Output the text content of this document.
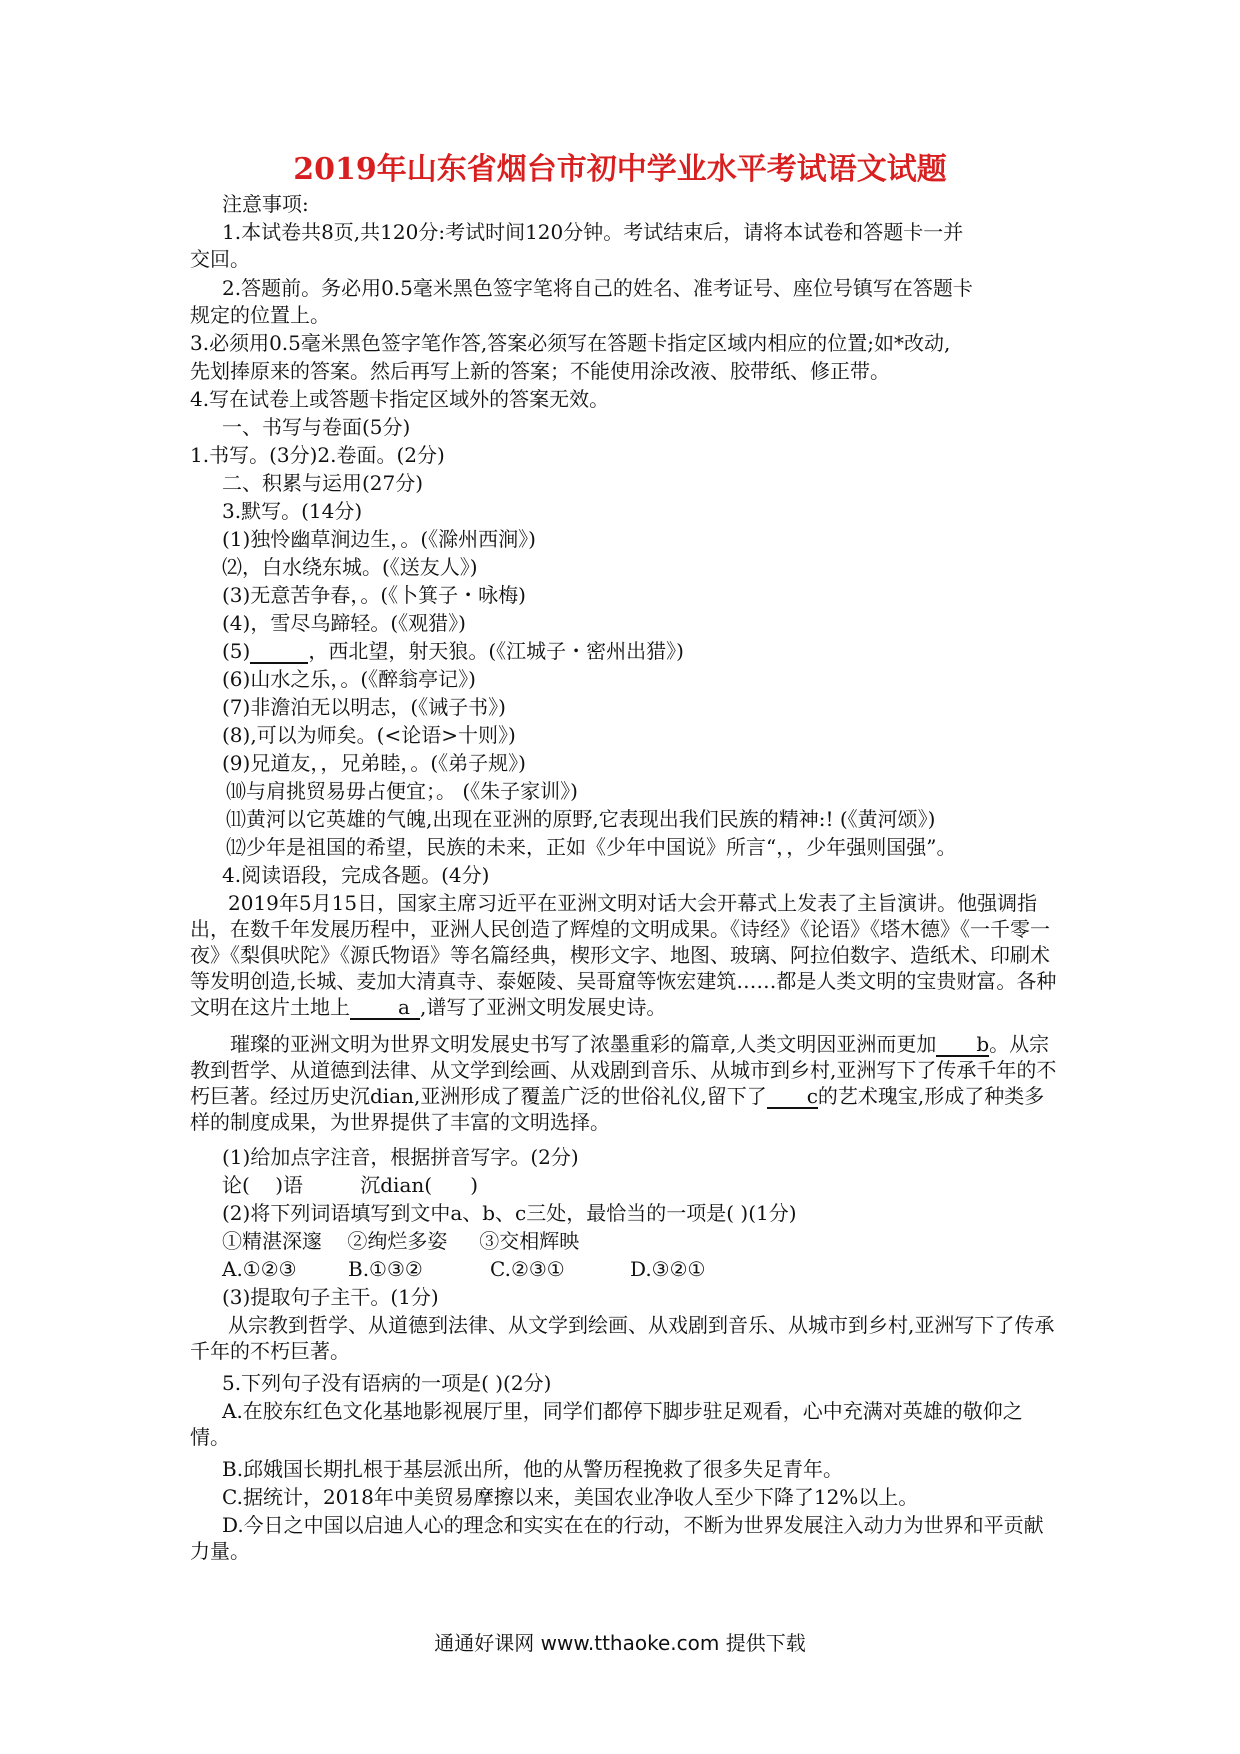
2019年山东省烟台市初中学业水平考试语文试题
注意事项:
1.本试卷共8页,共120分:考试时间120分钟。考试结束后，请将本试卷和答题卡一并
交回。
2.答题前。务必用0.5毫米黑色签字笔将自己的姓名、准考证号、座位号镇写在答题卡
规定的位置上。
3.必须用0.5毫米黑色签字笔作答,答案必须写在答题卡指定区域内相应的位置;如*改动,
先划捧原来的答案。然后再写上新的答案；不能使用涂改液、胶带纸、修正带。
4.写在试卷上或答题卡指定区域外的答案无效。
一、书写与卷面(5分)
1.书写。(3分)2.卷面。(2分)
二、积累与运用(27分)
3.默写。(14分)
(1)独怜幽草涧边生，。(《滁州西涧》)
⑵，白水绕东城。(《送友人》)
(3)无意苦争春，。(《卜箕子・咏梅)
(4)，雪尽乌蹄轻。(《观猎》)
(5)	，西北望，射天狼。(《江城子・密州出猎》)
(6)山水之乐，。(《醉翁亭记》)
(7)非澹泊无以明志，(《诫子书》)
(8),可以为师矣。(<论语>十则》)
(9)兄道友，，兄弟睦，。(《弟子规》)
⑽与肩挑贸易毋占便宜；。 (《朱子家训》)
⑾黄河以它英雄的气魄,出现在亚洲的原野,它表现出我们民族的精神:! (《黄河颂》)
⑿少年是祖国的希望，民族的未来，正如《少年中国说》所言“，，少年强则国强”。
4.阅读语段，完成各题。(4分)
2019年5月15日，国家主席习近平在亚洲文明对话大会开幕式上发表了主旨演讲。他强调指出，在数千年发展历程中，亚洲人民创造了辉煌的文明成果。《诗经》《论语》《塔木德》《一千零一夜》《梨俱吠陀》《源氏物语》等名篇经典，楔形文字、地图、玻璃、阿拉伯数字、造纸术、印刷术等发明创造,长城、麦加大清真寺、泰姬陵、吴哥窟等恢宏建筑……都是人类文明的宝贵财富。各种文明在这片土地上 a ,谱写了亚洲文明发展史诗。
璀璨的亚洲文明为世界文明发展史书写了浓墨重彩的篇章,人类文明因亚洲而更加 b。从宗教到哲学、从道德到法律、从文学到绘画、从戏剧到音乐、从城市到乡村,亚洲写下了传承千年的不朽巨著。经过历史沉dian,亚洲形成了覆盖广泛的世俗礼仪,留下了 c的艺术瑰宝,形成了种类多样的制度成果，为世界提供了丰富的文明选择。
(1)给加点字注音，根据拼音写字。(2分)
论(    )语         沉dian(      )
(2)将下列词语填写到文中a、b、c三处，最恰当的一项是( )(1分)
①精湛深邃    ②绚烂多姿     ③交相辉映
A.①②③	B.①③②	C.②③①	D.③②①
(3)提取句子主干。(1分)
从宗教到哲学、从道德到法律、从文学到绘画、从戏剧到音乐、从城市到乡村,亚洲写下了传承千年的不朽巨著。
5.下列句子没有语病的一项是( )(2分)
A.在胶东红色文化基地影视展厅里，同学们都停下脚步驻足观看，心中充满对英雄的敬仰之情。
B.邱娥国长期扎根于基层派出所，他的从警历程挽救了很多失足青年。
C.据统计，2018年中美贸易摩擦以来，美国农业净收人至少下降了12%以上。
D.今日之中国以启迪人心的理念和实实在在的行动，不断为世界发展注入动力为世界和平贡献力量。
通通好课网 www.tthaoke.com 提供下载
